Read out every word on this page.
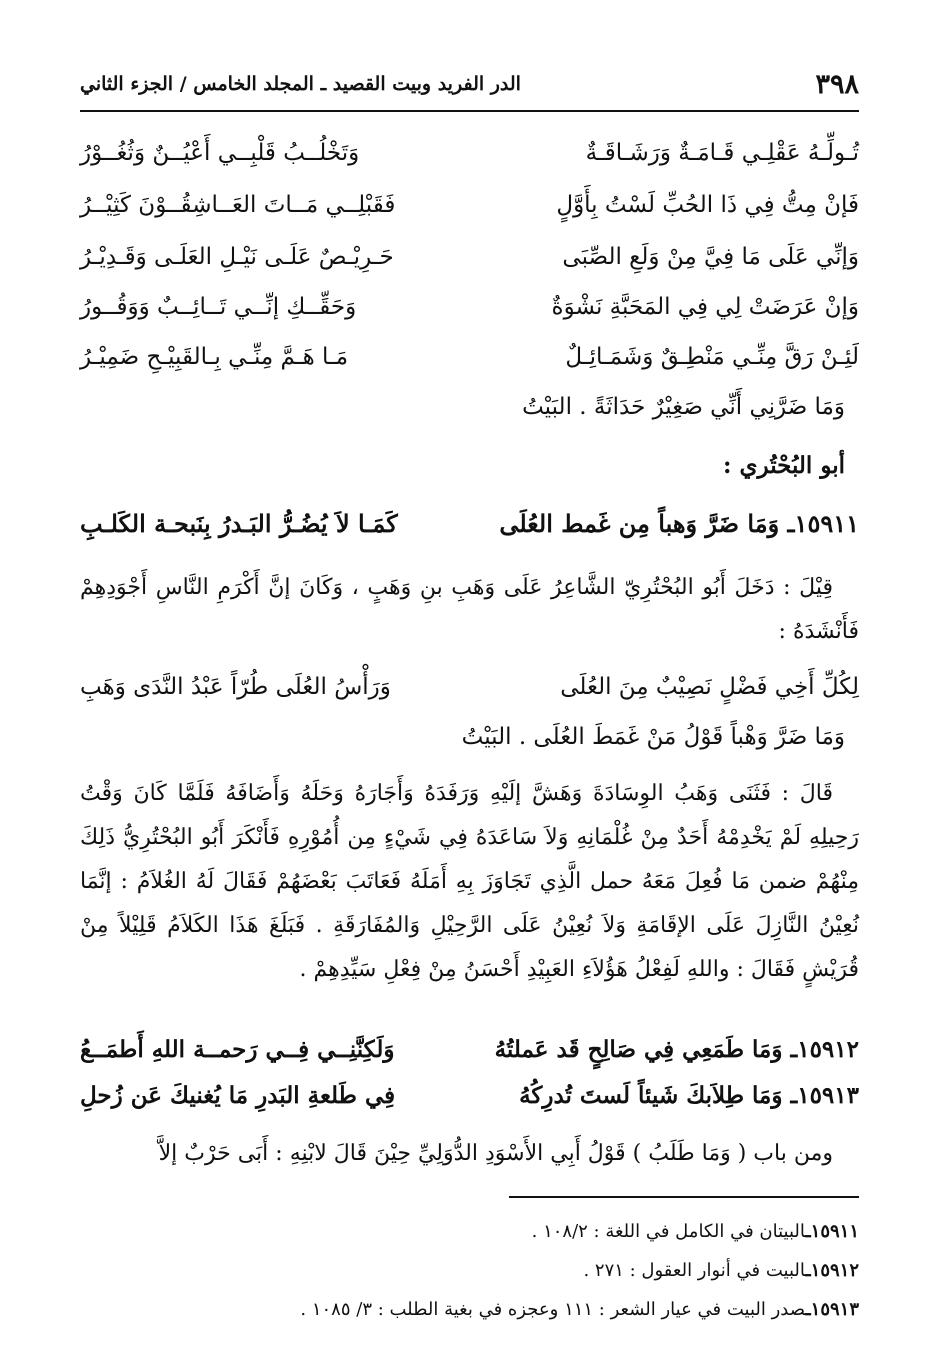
٣٩٨
الدر الفريد وبيت القصيد ـ المجلد الخامس / الجزء الثاني
تُـولِّـهُ عَقْلِـي قَـامَـةٌ وَرَشَـاقَـةٌ
وَتَخْلُــبُ قَلْبِــي أَعْيُــنٌ وَثُغُــوْرُ
فَإنْ مِتُّ فِي ذَا الحُبِّ لَسْتُ بِأَوَّلٍ
فَقَبْلِــي مَــاتَ العَــاشِقُــوْنَ كَثِيْــرُ
وَإنِّي عَلَى مَا فِيَّ مِنْ وَلَعِ الصِّبَى
حَـرِيْـصٌ عَلَـى نَيْـلِ العَلَـى وَقَـدِيْـرُ
وَإنْ عَرَضَتْ لِي فِي المَحَبَّةِ نَشْوَةٌ
وَحَقِّــكِ إنِّــي تَــائِــبٌ وَوَقُــورُ
لَئِـنْ رَقَّ مِنِّـي مَنْطِـقٌ وَشَمَـائِـلٌ
مَـا هَـمَّ مِنِّـي بِـالقَبِيْـحِ ضَمِيْـرُ
وَمَا ضَرَّنِي أَنِّي صَغِيْرٌ حَدَاثَةً . البَيْتُ
أبو البُحْتُري :
١٥٩١١ـ وَمَا ضَرَّ وَهباً مِن غَمط العُلَى
كَمَـا لاَ يُضُـرُّ البَـدرُ بِنَبحـة الكَلـبِ
قِيْلَ : دَخَلَ أَبُو البُحْتُرِيّ الشَّاعِرُ عَلَى وَهَبِ بنِ وَهَبٍ ، وَكَانَ إنَّ أَكْرَمِ النَّاسِ أَجْوَدِهِمْ فَأَنْشَدَهُ :
لِكُلِّ أَخِي فَضْلٍ نَصِيْبٌ مِنَ العُلَى
وَرَأْسُ العُلَى طُرّاً عَبْدُ النَّدَى وَهَبِ
وَمَا ضَرَّ وَهْباً قَوْلُ مَنْ غَمَطَ العُلَى . البَيْتُ
قَالَ : فَثَنَى وَهَبُ الوِسَادَةَ وَهَشَّ إلَيْهِ وَرَفَدَهُ وَأَجَارَهُ وَحَلَهُ وَأَضَافَهُ فَلَمَّا كَانَ وَقْتُ رَحِيلِهِ لَمْ يَخْدِمْهُ أَحَدٌ مِنْ غُلْمَانِهِ وَلاَ سَاعَدَهُ فِي شَيْءٍ مِن أُمُوْرِهِ فَأَنْكَرَ أَبُو البُحْتُرِيُّ ذَلِكَ مِنْهُمْ ضمن مَا فُعِلَ مَعَهُ حمل الَّذِي تَجَاوَزَ بِهِ أَمَلَهُ فَعَاتَبَ بَعْضَهُمْ فَقَالَ لَهُ الغُلاَمُ : إنَّمَا نُعِيْنُ النَّازِلَ عَلَى الإقَامَةِ وَلاَ نُعِيْنُ عَلَى الرَّحِيْلِ وَالمُفَارَقَةِ . فَبَلَغَ هَذَا الكَلاَمُ قَلِيْلاً مِنْ قُرَيْشٍ فَقَالَ : واللهِ لَفِعْلُ هَؤُلاَءِ العَبِيْدِ أَحْسَنُ مِنْ فِعْلِ سَيِّدِهِمْ .
١٥٩١٢ـ وَمَا طَمَعِي فِي صَالِحٍ قَد عَملتُهُ
وَلَكِنَّنِــي فِــي رَحمــة اللهِ أَطمَــعُ
١٥٩١٣ـ وَمَا طِلاَبكَ شَيئاً لَستَ تُدرِكُهُ
فِي طَلعةِ البَدرِ مَا يُغنيكَ عَن زُحلِ
ومن باب ( وَمَا طَلَبُ ) قَوْلُ أَبِي الأَسْوَدِ الدُّوَلِيِّ حِيْنَ قَالَ لابْنِهِ : أَبَى حَرْبٌ إلاَّ
١٥٩١١ـالبيتان في الكامل في اللغة : ١٠٨/٢ .
١٥٩١٢ـالبيت في أنوار العقول : ٢٧١ .
١٥٩١٣ـصدر البيت في عيار الشعر : ١١١ وعجزه في بغية الطلب : ٣/ ١٠٨٥ .
